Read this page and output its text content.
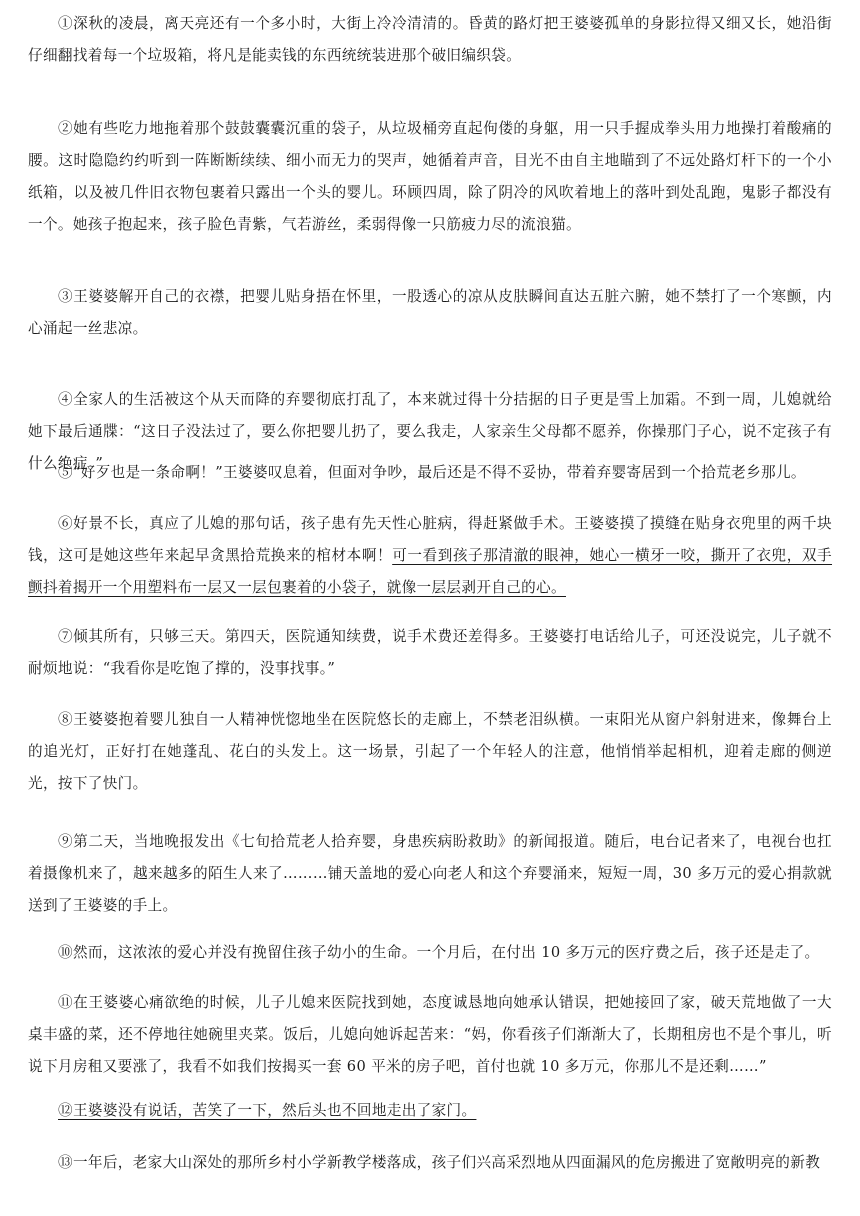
①深秋的凌晨，离天亮还有一个多小时，大街上冷冷清清的。昏黄的路灯把王婆婆孤单的身影拉得又细又长，她沿街仔细翻找着每一个垃圾箱，将凡是能卖钱的东西统统装进那个破旧编织袋。

②她有些吃力地拖着那个鼓鼓囊囊沉重的袋子，从垃圾桶旁直起佝偻的身躯，用一只手握成拳头用力地操打着酸痛的腰。这时隐隐约约听到一阵断断续续、细小而无力的哭声，她循着声音，目光不由自主地瞄到了不远处路灯杆下的一个小纸箱，以及被几件旧衣物包裹着只露出一个头的婴儿。环顾四周，除了阴冷的风吹着地上的落叶到处乱跑，鬼影子都没有一个。她孩子抱起来，孩子脸色青紫，气若游丝，柔弱得像一只筋疲力尽的流浪猫。

③王婆婆解开自己的衣襟，把婴儿贴身捂在怀里，一股透心的凉从皮肤瞬间直达五脏六腑，她不禁打了一个寒颤，内心涌起一丝悲凉。

④全家人的生活被这个从天而降的弃婴彻底打乱了，本来就过得十分拮据的日子更是雪上加霜。不到一周，儿媳就给她下最后通牒：“这日子没法过了，要么你把婴儿扔了，要么我走，人家亲生父母都不愿养，你操那门子心，说不定孩子有什么绝症。”

⑤“好歹也是一条命啊！”王婆婆叹息着，但面对争吵，最后还是不得不妥协，带着弃婴寄居到一个拾荒老乡那儿。

⑥好景不长，真应了儿媳的那句话，孩子患有先天性心脏病，得赶紧做手术。王婆婆摸了摸缝在贴身衣兜里的两千块钱，这可是她这些年来起早贪黑拾荒换来的棺材本啊！可一看到孩子那清澈的眼神，她心一横牙一咬，撕开了衣兜，双手颤抖着揭开一个用塑料布一层又一层包裹着的小袋子，就像一层层剥开自己的心。

⑦倾其所有，只够三天。第四天，医院通知续费，说手术费还差得多。王婆婆打电话给儿子，可还没说完，儿子就不耐烦地说：“我看你是吃饱了撑的，没事找事。”

⑧王婆婆抱着婴儿独自一人精神恍惚地坐在医院悠长的走廊上，不禁老泪纵横。一束阳光从窗户斜射进来，像舞台上的追光灯，正好打在她蓬乱、花白的头发上。这一场景，引起了一个年轻人的注意，他悄悄举起相机，迎着走廊的侧逆光，按下了快门。

⑨第二天，当地晚报发出《七旬拾荒老人拾弃婴，身患疾病盼救助》的新闻报道。随后，电台记者来了，电视台也扛着摄像机来了，越来越多的陌生人来了………铺天盖地的爱心向老人和这个弃婴涌来，短短一周，30 多万元的爱心捐款就送到了王婆婆的手上。

⑩然而，这浓浓的爱心并没有挽留住孩子幼小的生命。一个月后，在付出 10 多万元的医疗费之后，孩子还是走了。

⑪在王婆婆心痛欲绝的时候，儿子儿媳来医院找到她，态度诚恳地向她承认错误，把她接回了家，破天荒地做了一大桌丰盛的菜，还不停地往她碗里夹菜。饭后，儿媳向她诉起苦来：“妈，你看孩子们渐渐大了，长期租房也不是个事儿，听说下月房租又要涨了，我看不如我们按揭买一套 60 平米的房子吧，首付也就 10 多万元，你那儿不是还剩……”

⑫王婆婆没有说话，苦笑了一下，然后头也不回地走出了家门。

⑬一年后，老家大山深处的那所乡村小学新教学楼落成，孩子们兴高采烈地从四面漏风的危房搬进了宽敞明亮的新教
